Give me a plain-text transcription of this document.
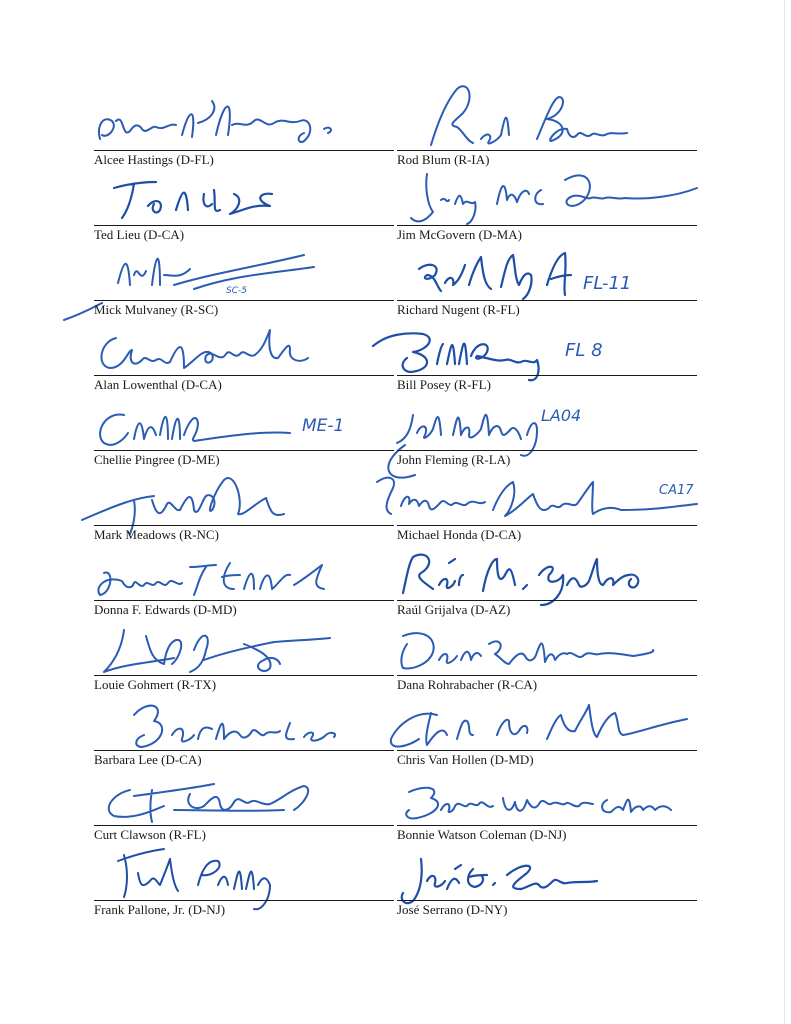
Alcee Hastings (D-FL)
Ted Lieu (D-CA)
SC-5
Mick Mulvaney (R-SC)
Alan Lowenthal (D-CA)
ME-1
Chellie Pingree (D-ME)
Mark Meadows (R-NC)
Donna F. Edwards (D-MD)
Louie Gohmert (R-TX)
Barbara Lee (D-CA)
Curt Clawson (R-FL)
Frank Pallone, Jr. (D-NJ)
Rod Blum (R-IA)
Jim McGovern (D-MA)
FL-11
Richard Nugent (R-FL)
FL 8
Bill Posey (R-FL)
LA04
John Fleming (R-LA)
CA17
Michael Honda (D-CA)
Raúl Grijalva (D-AZ)
Dana Rohrabacher (R-CA)
Chris Van Hollen (D-MD)
Bonnie Watson Coleman (D-NJ)
José Serrano (D-NY)
